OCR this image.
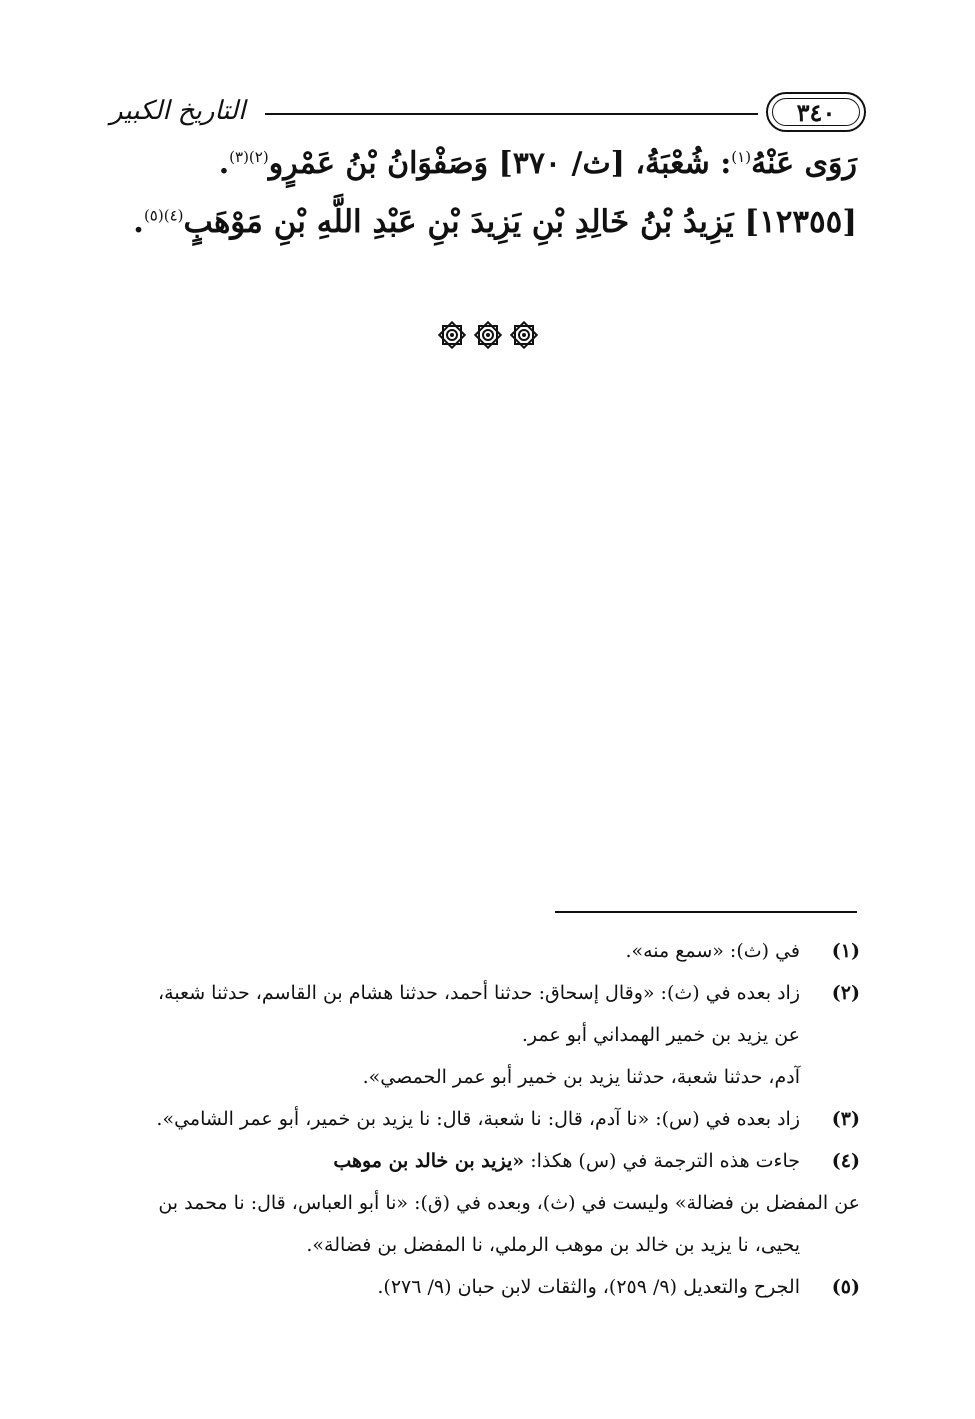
التاريخ الكبير	٣٤٠
رَوَى عَنْهُ$^{(١)}$: شُعْبَةُ، [ث/ ٣٧٠] وَصَفْوَانُ بْنُ عَمْرٍو$^{(٢)(٣)}$.
[١٢٣٥٥] يَزِيدُ بْنُ خَالِدِ بْنِ يَزِيدَ بْنِ عَبْدِ اللَّهِ بْنِ مَوْهَبٍ$^{(٤)(٥)}$.
(١)
في (ث): «سمع منه».
(٢)
زاد بعده في (ث): «وقال إسحاق: حدثنا أحمد، حدثنا هشام بن القاسم، حدثنا شعبة،
عن يزيد بن خمير الهمداني أبو عمر.
آدم، حدثنا شعبة، حدثنا يزيد بن خمير أبو عمر الحمصي».
(٣)
زاد بعده في (س): «نا آدم، قال: نا شعبة، قال: نا يزيد بن خمير، أبو عمر الشامي».
(٤)
جاءت هذه الترجمة في (س) هكذا: «يزيد بن خالد بن موهب
عن المفضل بن فضالة» وليست في (ث)، وبعده في (ق): «نا أبو العباس، قال: نا محمد بن
يحيى، نا يزيد بن خالد بن موهب الرملي، نا المفضل بن فضالة».
(٥)
الجرح والتعديل (٩/ ٢٥٩)، والثقات لابن حبان (٩/ ٢٧٦).
